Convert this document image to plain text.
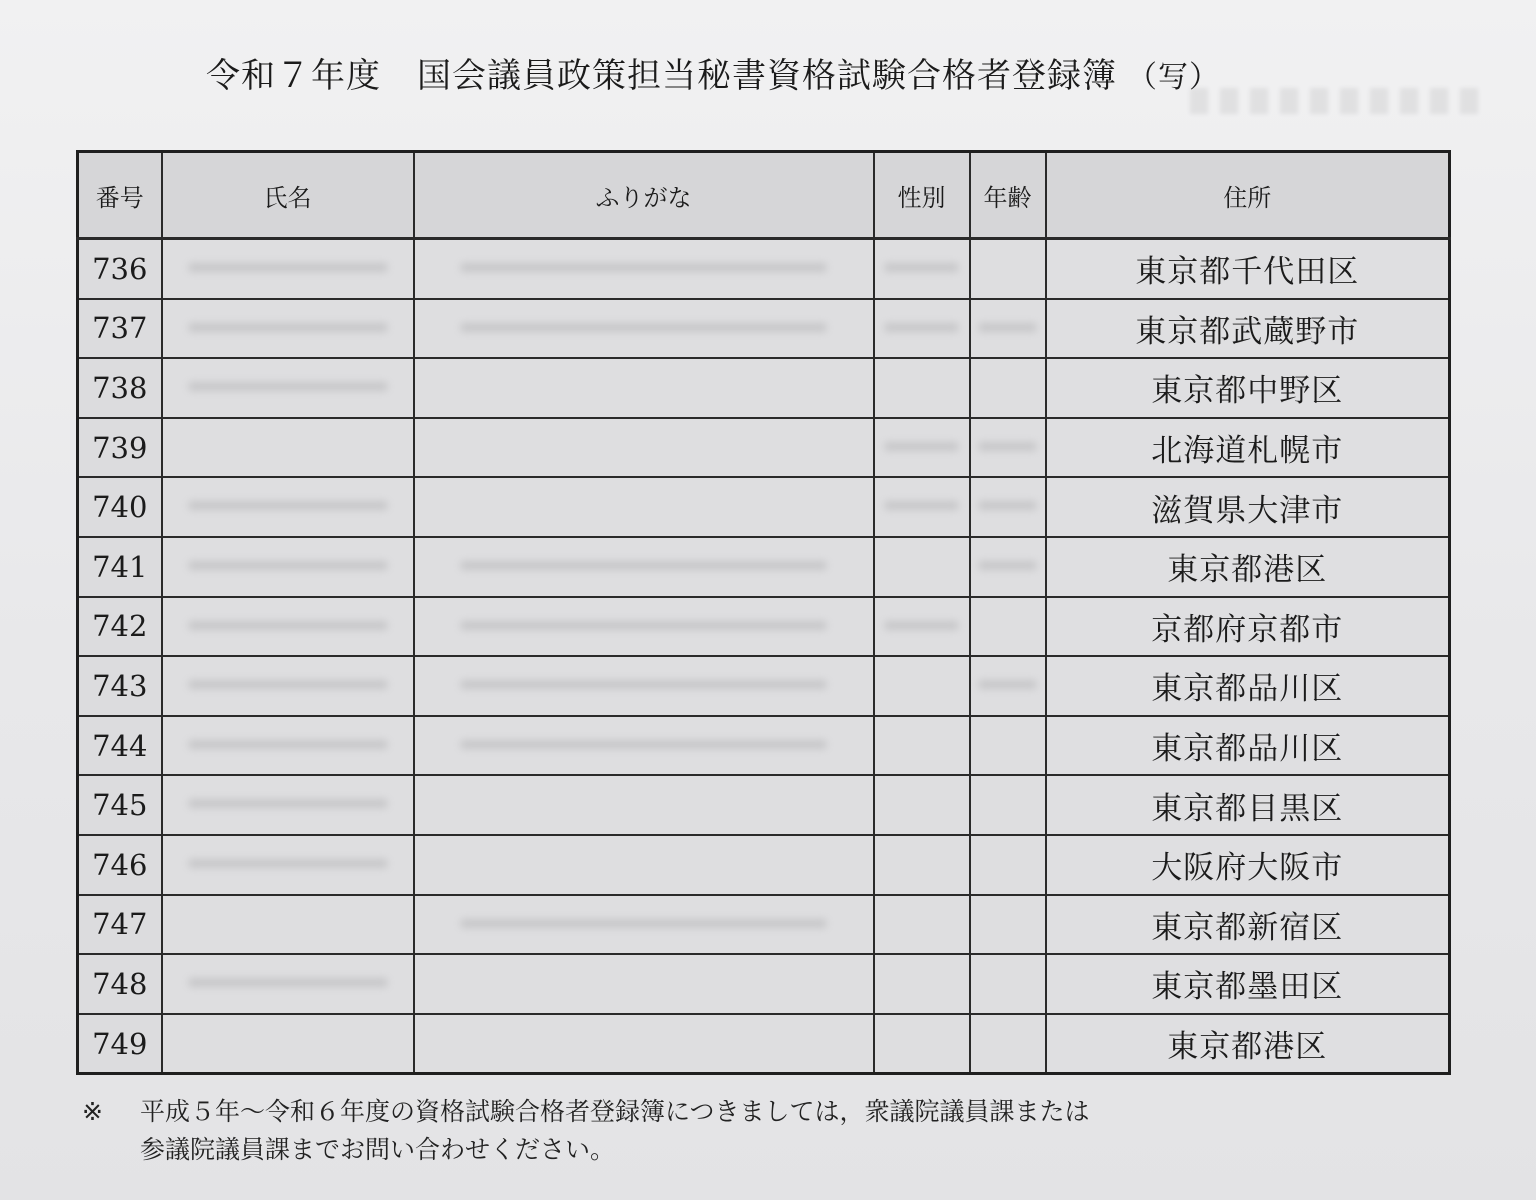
令和７年度 国会議員政策担当秘書資格試験合格者登録簿 （写）
番号	氏名	ふりがな	性別	年齢	住所
736					東京都千代田区
737					東京都武蔵野市
738					東京都中野区
739					北海道札幌市
740					滋賀県大津市
741					東京都港区
742					京都府京都市
743					東京都品川区
744					東京都品川区
745					東京都目黒区
746					大阪府大阪市
747					東京都新宿区
748					東京都墨田区
749					東京都港区
※ 平成５年～令和６年度の資格試験合格者登録簿につきましては，衆議院議員課または
参議院議員課までお問い合わせください。
